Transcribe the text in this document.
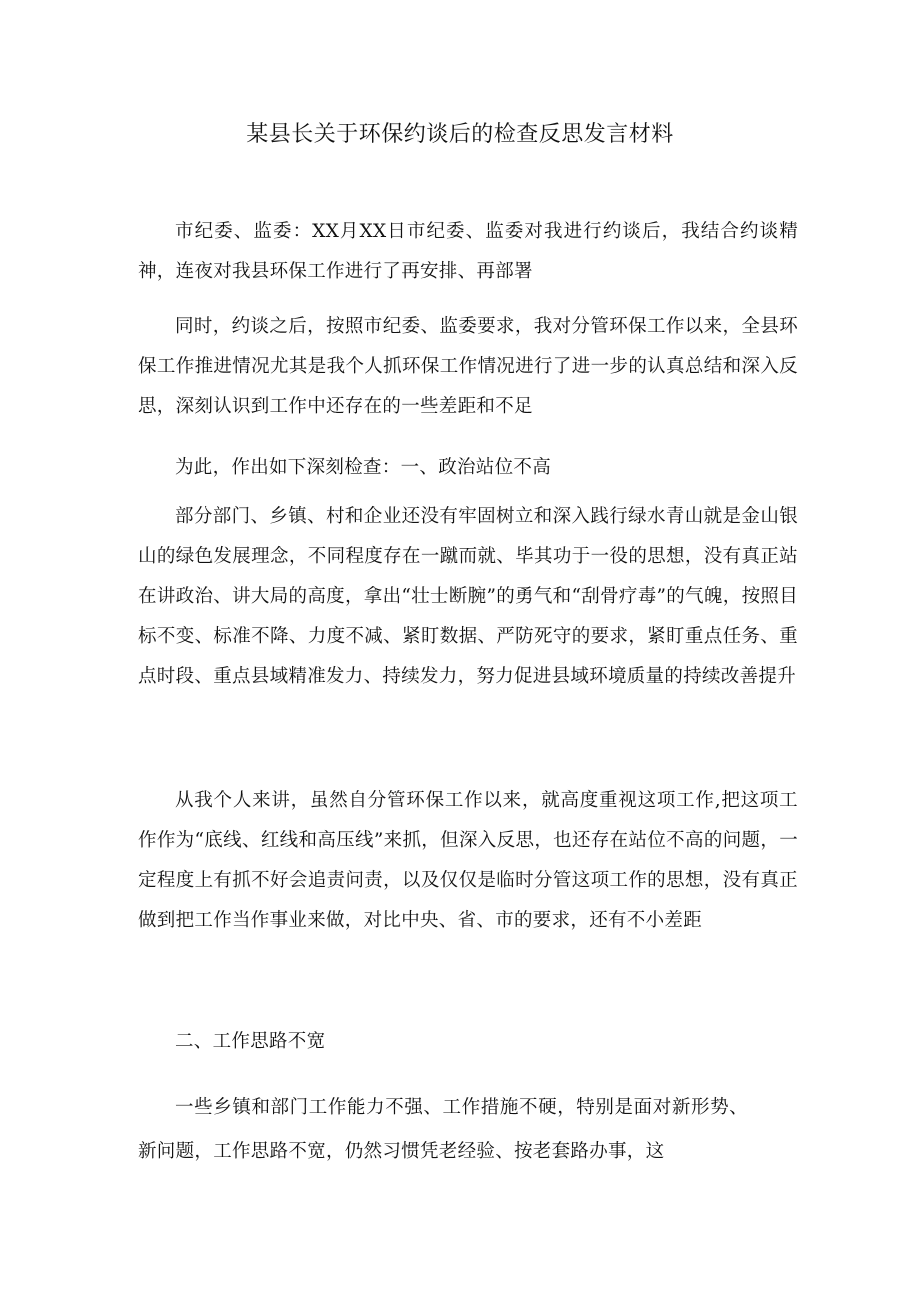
某县长关于环保约谈后的检查反思发言材料

市纪委、监委：XX月XX日市纪委、监委对我进行约谈后，我结合约谈精神，连夜对我县环保工作进行了再安排、再部署

同时，约谈之后，按照市纪委、监委要求，我对分管环保工作以来，全县环保工作推进情况尤其是我个人抓环保工作情况进行了进一步的认真总结和深入反思，深刻认识到工作中还存在的一些差距和不足

为此，作出如下深刻检查：一、政治站位不高

部分部门、乡镇、村和企业还没有牢固树立和深入践行绿水青山就是金山银山的绿色发展理念，不同程度存在一蹴而就、毕其功于一役的思想，没有真正站在讲政治、讲大局的高度，拿出“壮士断腕”的勇气和“刮骨疗毒”的气魄，按照目标不变、标准不降、力度不减、紧盯数据、严防死守的要求，紧盯重点任务、重点时段、重点县域精准发力、持续发力，努力促进县域环境质量的持续改善提升

从我个人来讲，虽然自分管环保工作以来，就高度重视这项工作,把这项工作作为“底线、红线和高压线”来抓，但深入反思，也还存在站位不高的问题，一定程度上有抓不好会追责问责，以及仅仅是临时分管这项工作的思想，没有真正做到把工作当作事业来做，对比中央、省、市的要求，还有不小差距

二、工作思路不宽

一些乡镇和部门工作能力不强、工作措施不硬，特别是面对新形势、新问题，工作思路不宽，仍然习惯凭老经验、按老套路办事，这
